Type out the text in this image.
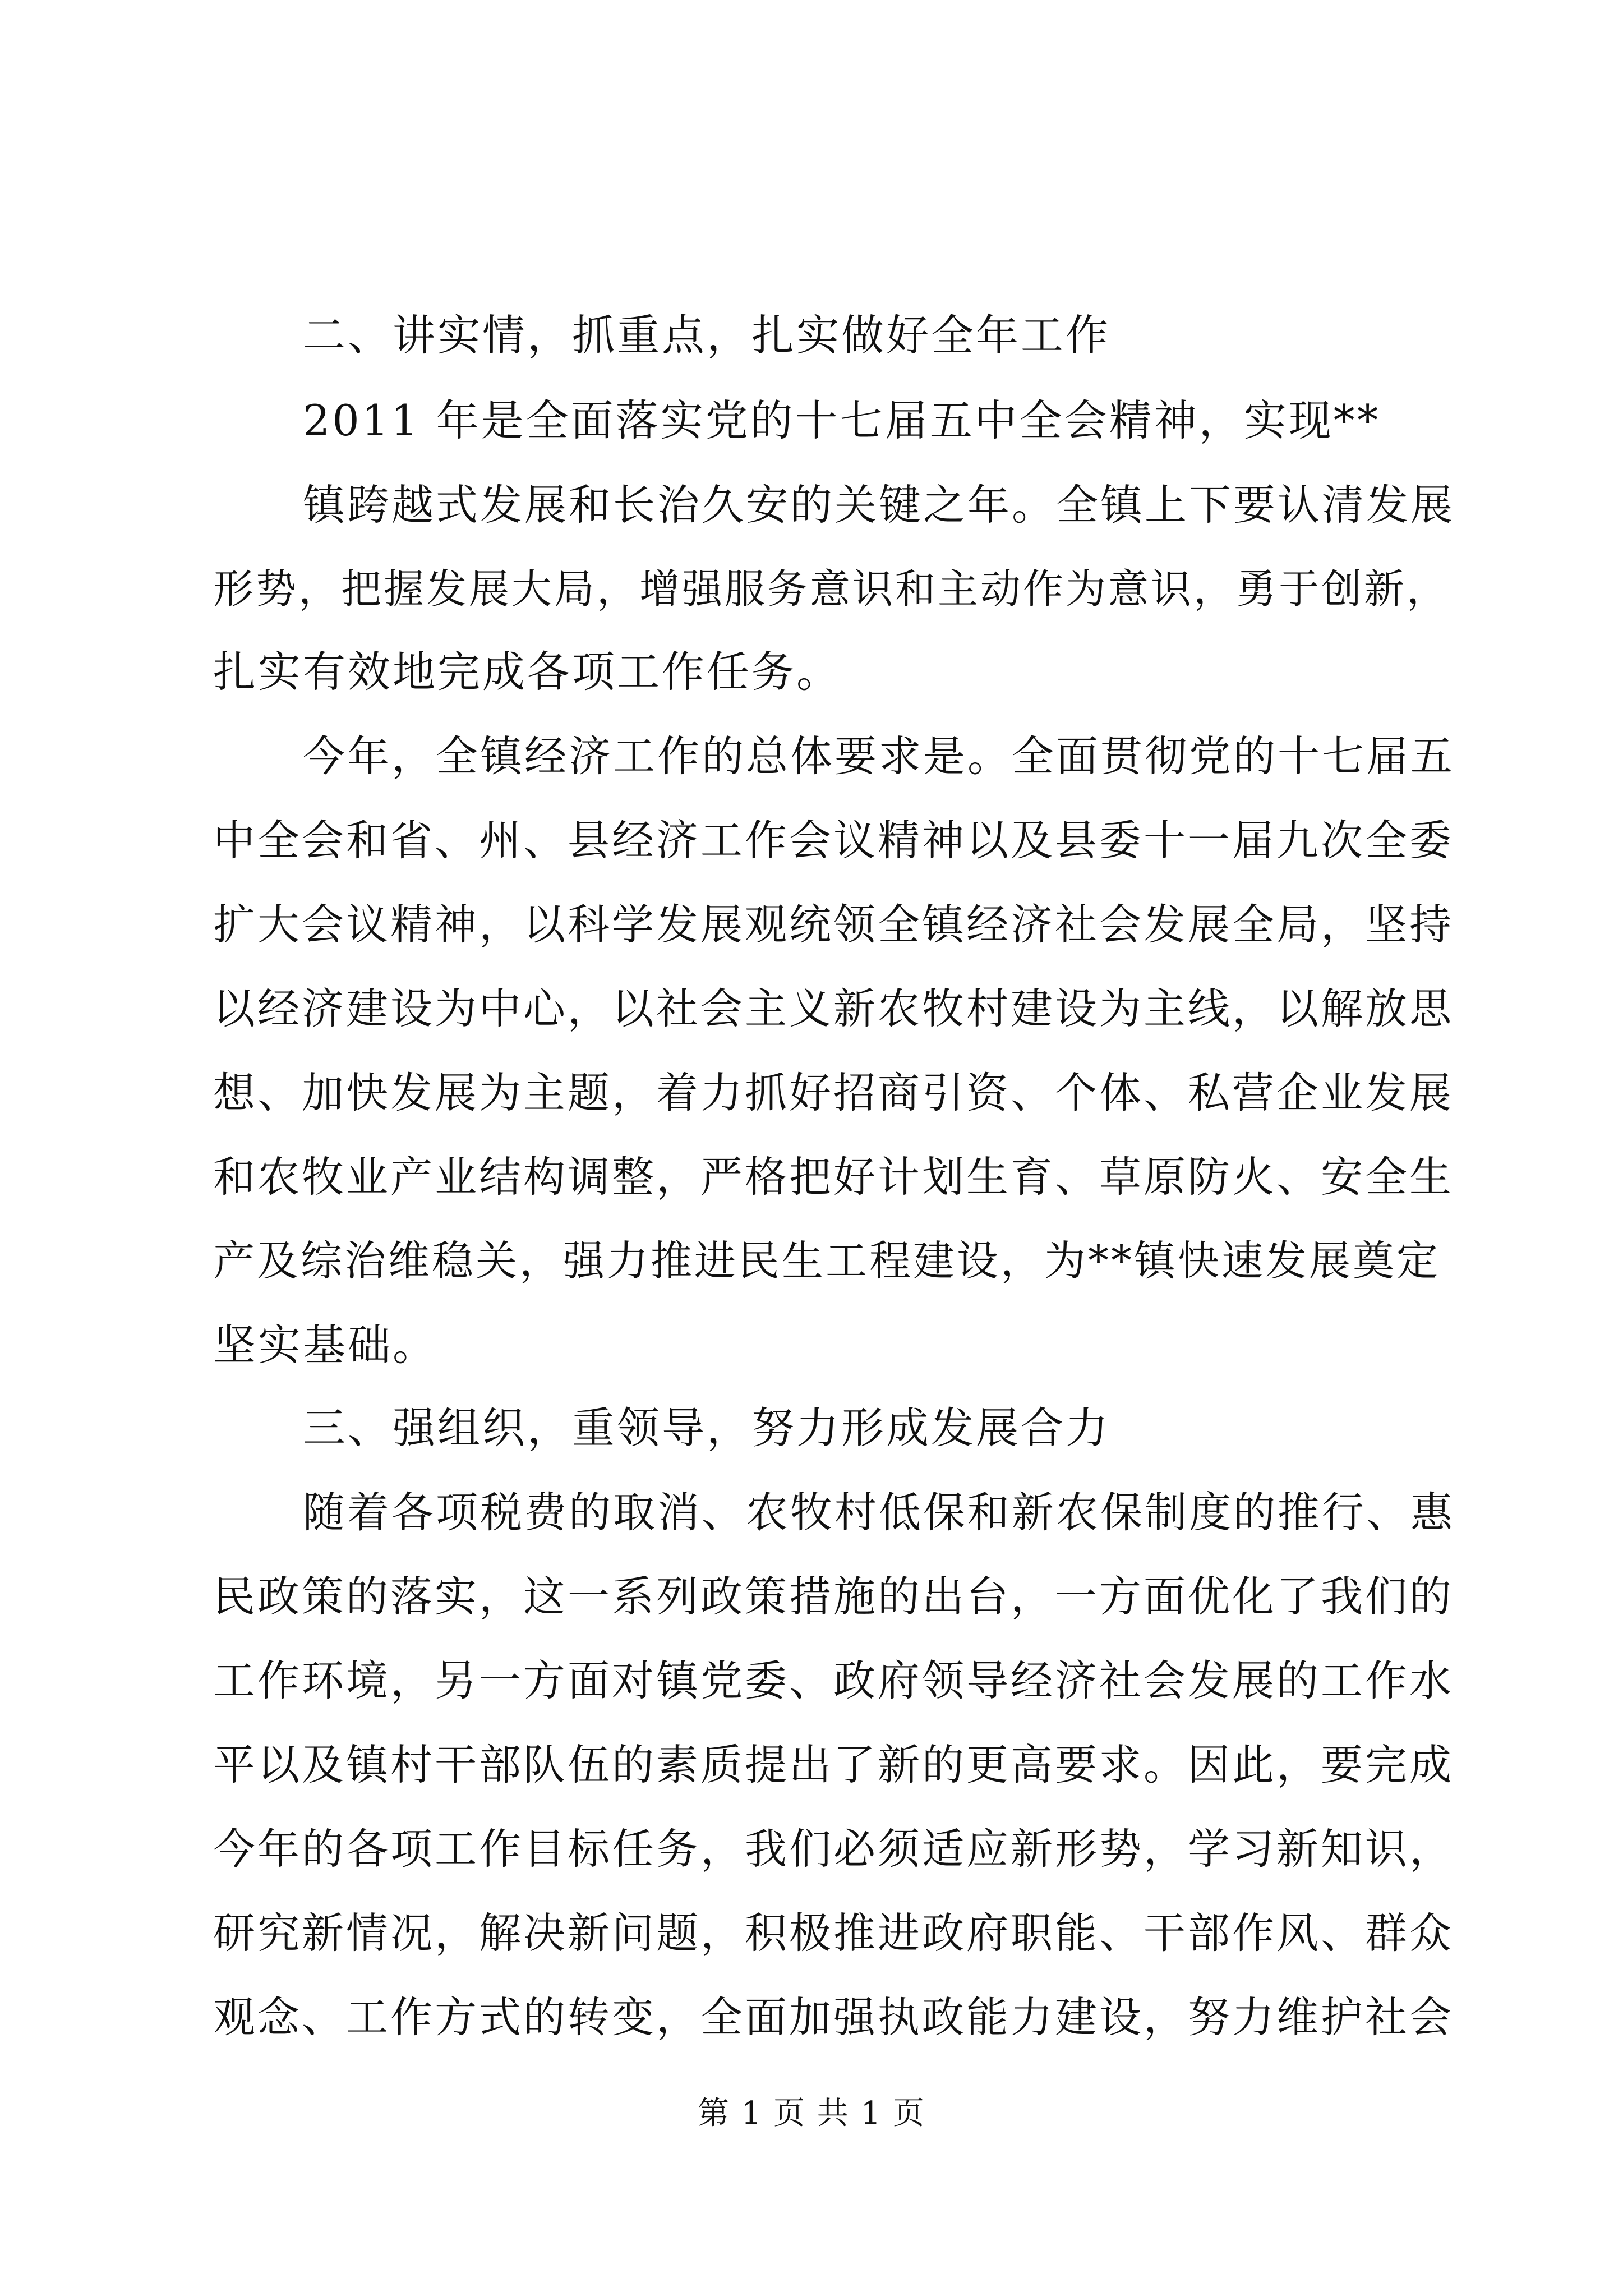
二、讲实情，抓重点，扎实做好全年工作
2011 年是全面落实党的十七届五中全会精神，实现**
镇跨越式发展和长治久安的关键之年。全镇上下要认清发展
形势，把握发展大局，增强服务意识和主动作为意识，勇于创新，
扎实有效地完成各项工作任务。
今年，全镇经济工作的总体要求是。全面贯彻党的十七届五
中全会和省、州、县经济工作会议精神以及县委十一届九次全委
扩大会议精神，以科学发展观统领全镇经济社会发展全局，坚持
以经济建设为中心，以社会主义新农牧村建设为主线，以解放思
想、加快发展为主题，着力抓好招商引资、个体、私营企业发展
和农牧业产业结构调整，严格把好计划生育、草原防火、安全生
产及综治维稳关，强力推进民生工程建设，为**镇快速发展奠定
坚实基础。
三、强组织，重领导，努力形成发展合力
随着各项税费的取消、农牧村低保和新农保制度的推行、惠
民政策的落实，这一系列政策措施的出台，一方面优化了我们的
工作环境，另一方面对镇党委、政府领导经济社会发展的工作水
平以及镇村干部队伍的素质提出了新的更高要求。因此，要完成
今年的各项工作目标任务，我们必须适应新形势，学习新知识，
研究新情况，解决新问题，积极推进政府职能、干部作风、群众
观念、工作方式的转变，全面加强执政能力建设，努力维护社会
第 1 页 共 1 页
